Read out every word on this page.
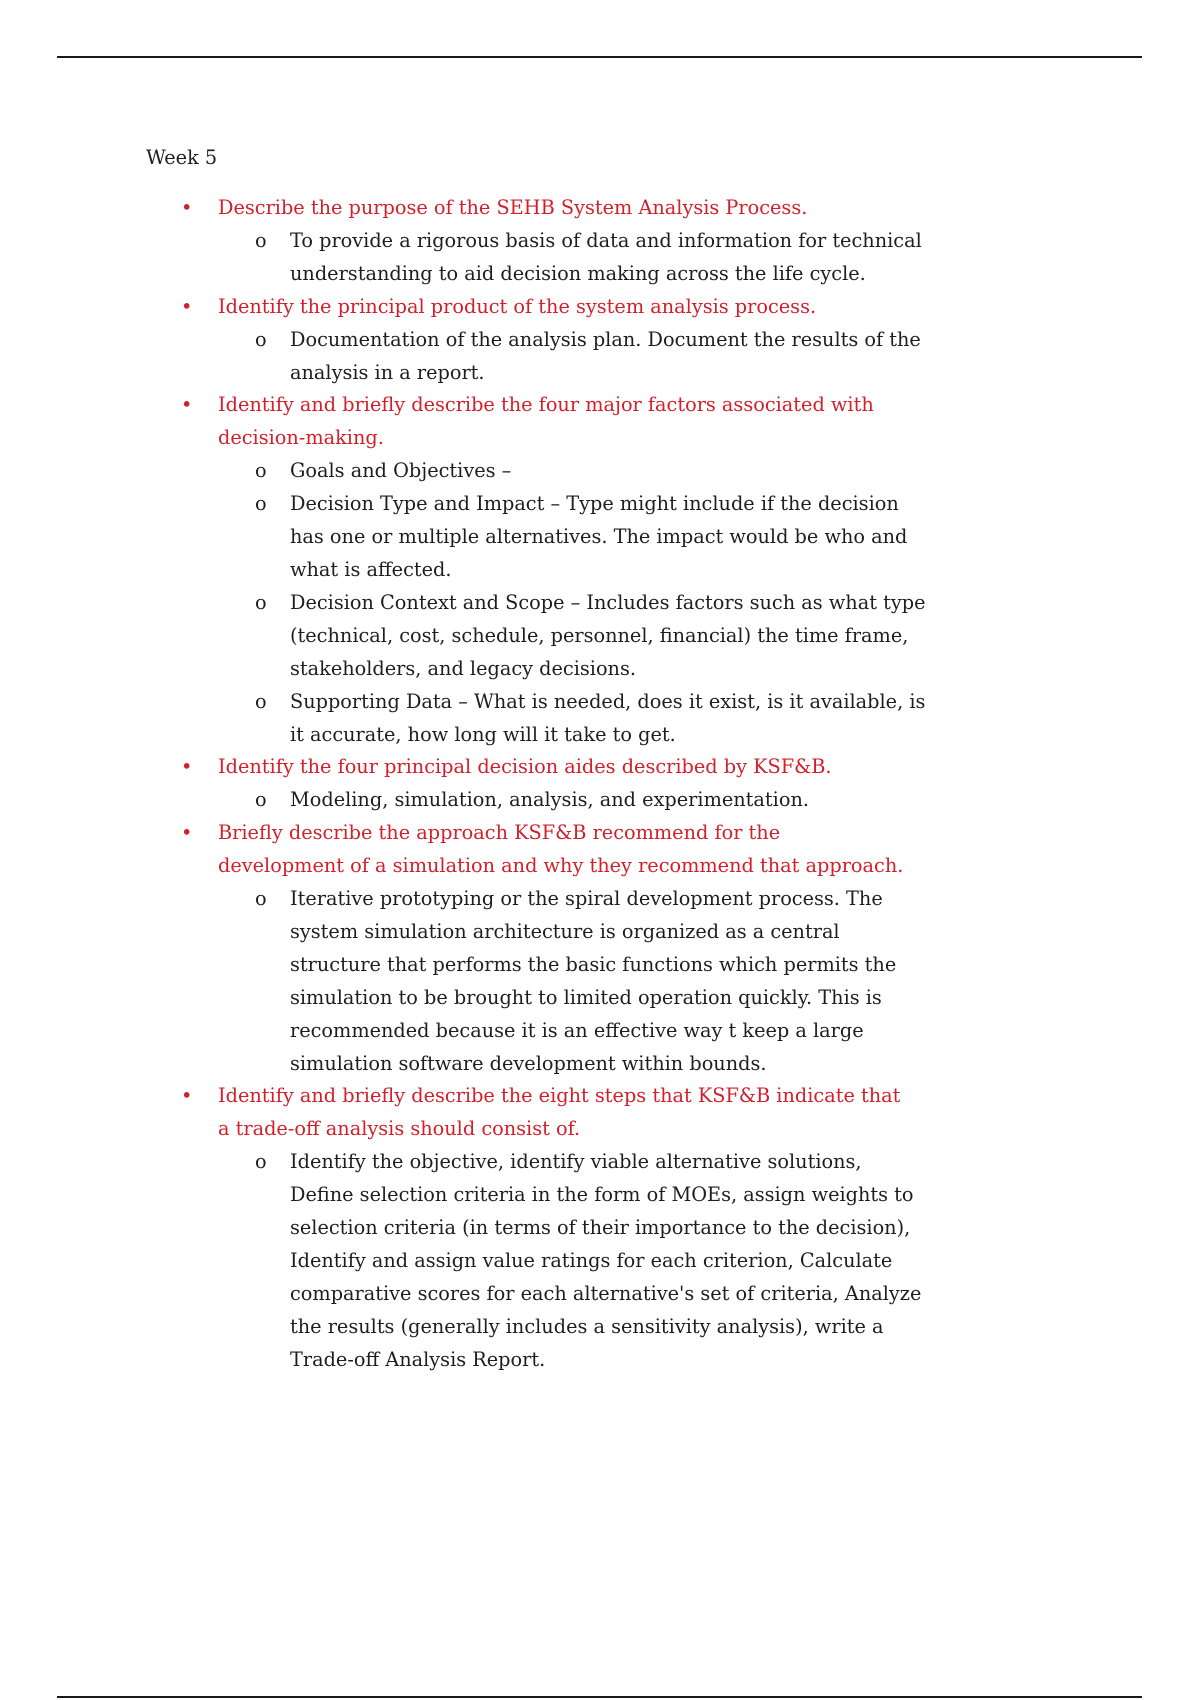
Week 5
• Describe the purpose of the SEHB System Analysis Process.
o To provide a rigorous basis of data and information for technical
understanding to aid decision making across the life cycle.
• Identify the principal product of the system analysis process.
o Documentation of the analysis plan. Document the results of the
analysis in a report.
• Identify and briefly describe the four major factors associated with
decision-making.
o Goals and Objectives –
o Decision Type and Impact – Type might include if the decision
has one or multiple alternatives. The impact would be who and
what is affected.
o Decision Context and Scope – Includes factors such as what type
(technical, cost, schedule, personnel, financial) the time frame,
stakeholders, and legacy decisions.
o Supporting Data – What is needed, does it exist, is it available, is
it accurate, how long will it take to get.
• Identify the four principal decision aides described by KSF&B.
o Modeling, simulation, analysis, and experimentation.
• Briefly describe the approach KSF&B recommend for the
development of a simulation and why they recommend that approach.
o Iterative prototyping or the spiral development process. The
system simulation architecture is organized as a central
structure that performs the basic functions which permits the
simulation to be brought to limited operation quickly. This is
recommended because it is an effective way t keep a large
simulation software development within bounds.
• Identify and briefly describe the eight steps that KSF&B indicate that
a trade-off analysis should consist of.
o Identify the objective, identify viable alternative solutions,
Define selection criteria in the form of MOEs, assign weights to
selection criteria (in terms of their importance to the decision),
Identify and assign value ratings for each criterion, Calculate
comparative scores for each alternative's set of criteria, Analyze
the results (generally includes a sensitivity analysis), write a
Trade-off Analysis Report.
